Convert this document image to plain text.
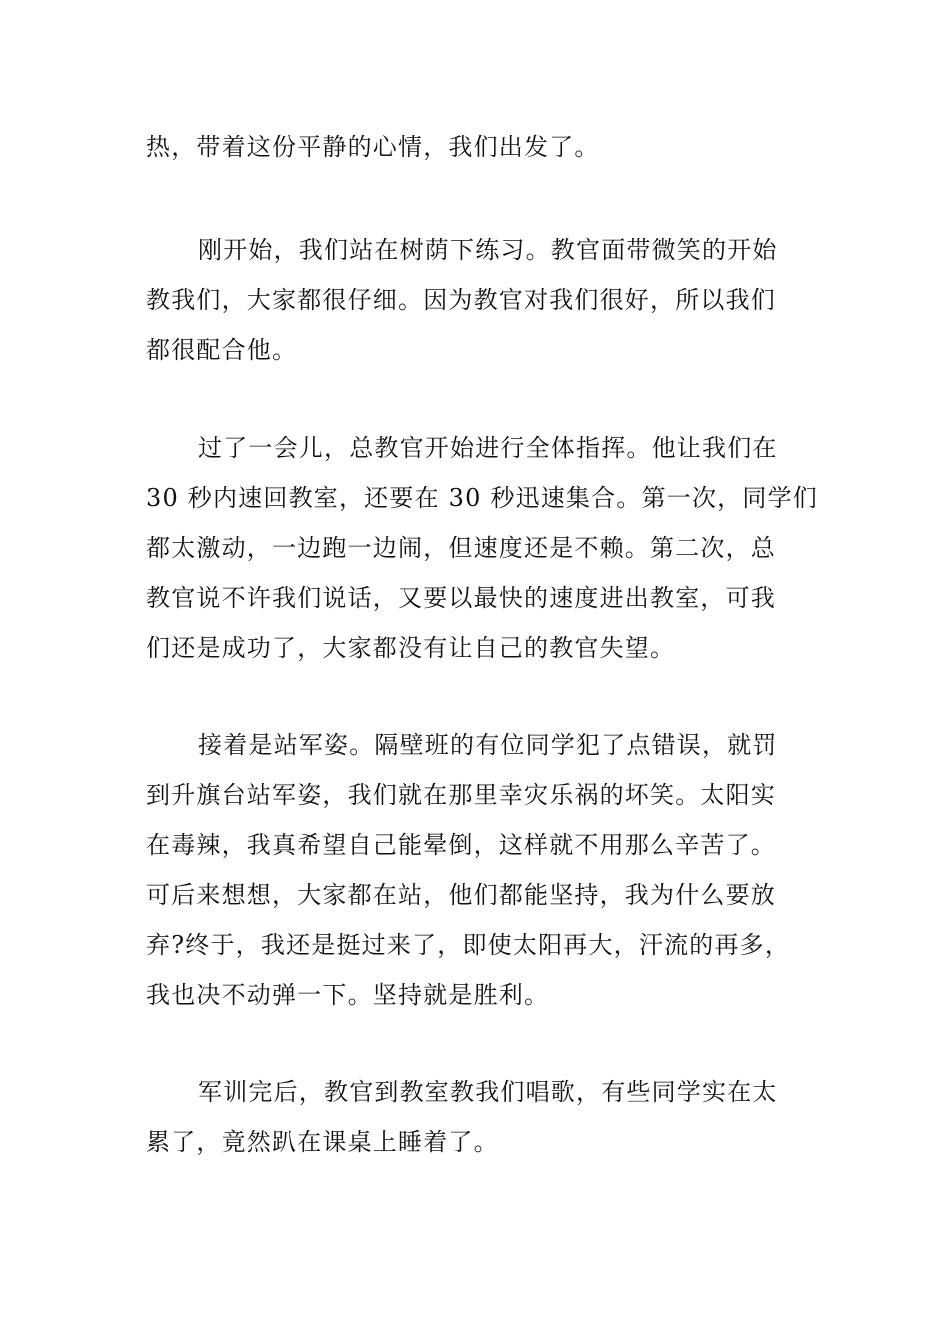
热，带着这份平静的心情，我们出发了。
刚开始，我们站在树荫下练习。教官面带微笑的开始
教我们，大家都很仔细。因为教官对我们很好，所以我们
都很配合他。
过了一会儿，总教官开始进行全体指挥。他让我们在
30 秒内速回教室，还要在 30 秒迅速集合。第一次，同学们
都太激动，一边跑一边闹，但速度还是不赖。第二次，总
教官说不许我们说话，又要以最快的速度进出教室，可我
们还是成功了，大家都没有让自己的教官失望。
接着是站军姿。隔壁班的有位同学犯了点错误，就罚
到升旗台站军姿，我们就在那里幸灾乐祸的坏笑。太阳实
在毒辣，我真希望自己能晕倒，这样就不用那么辛苦了。
可后来想想，大家都在站，他们都能坚持，我为什么要放
弃?终于，我还是挺过来了，即使太阳再大，汗流的再多，
我也决不动弹一下。坚持就是胜利。
军训完后，教官到教室教我们唱歌，有些同学实在太
累了，竟然趴在课桌上睡着了。
